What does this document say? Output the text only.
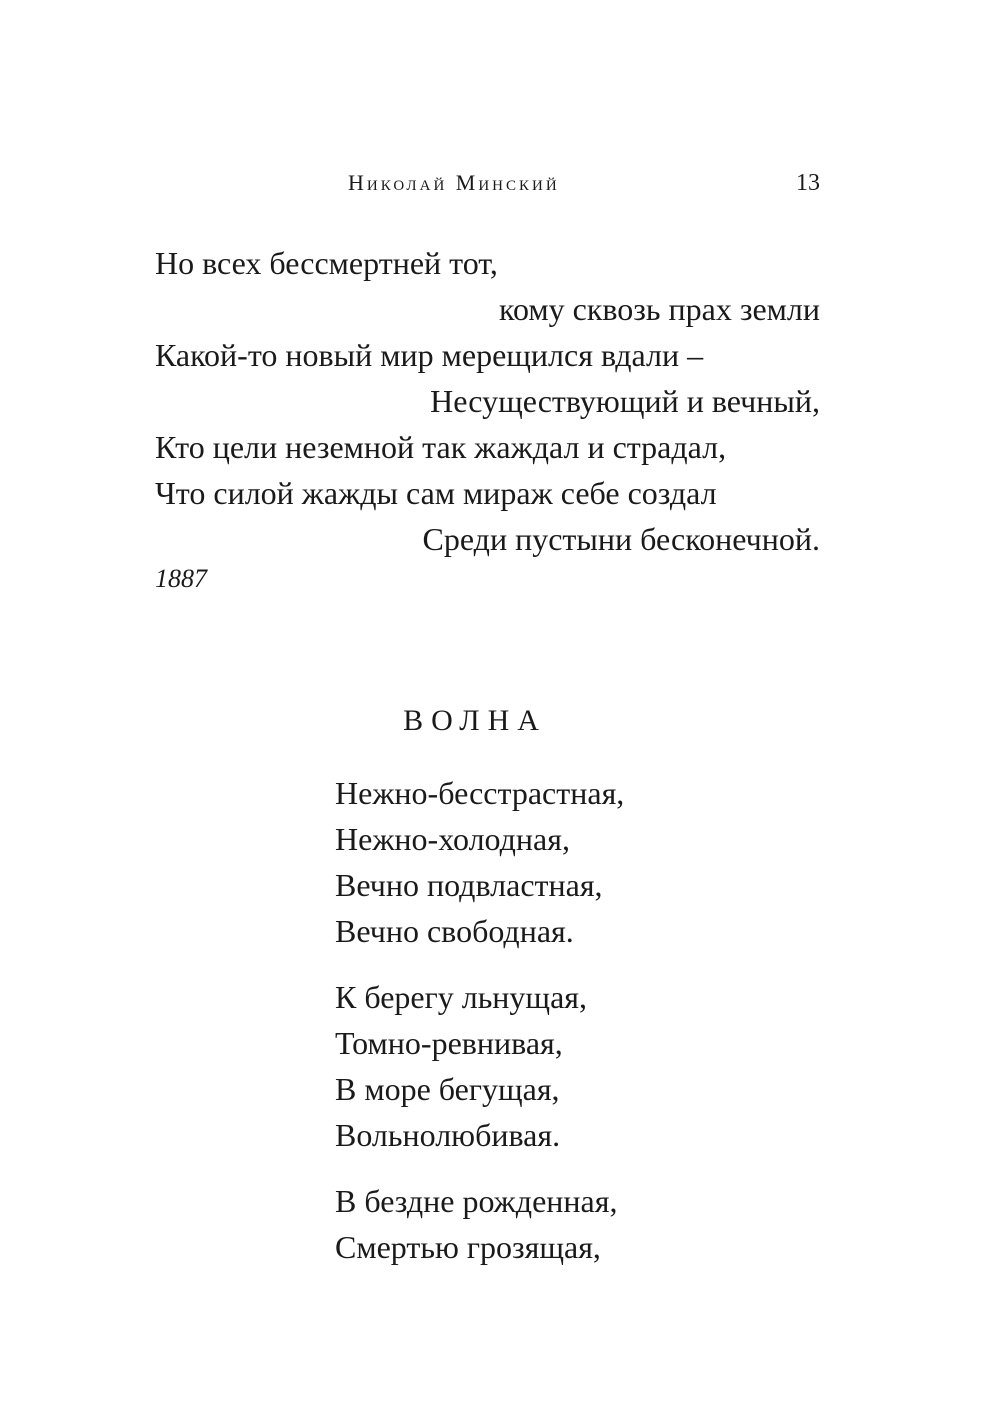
Николай Минский	13
Но всех бессмертней тот,
кому сквозь прах земли
Какой-то новый мир мерещился вдали –
Несуществующий и вечный,
Кто цели неземной так жаждал и страдал,
Что силой жажды сам мираж себе создал
Среди пустыни бесконечной.
1887
ВОЛНА
Нежно-бесстрастная,
Нежно-холодная,
Вечно подвластная,
Вечно свободная.
К берегу льнущая,
Томно-ревнивая,
В море бегущая,
Вольнолюбивая.
В бездне рожденная,
Смертью грозящая,
